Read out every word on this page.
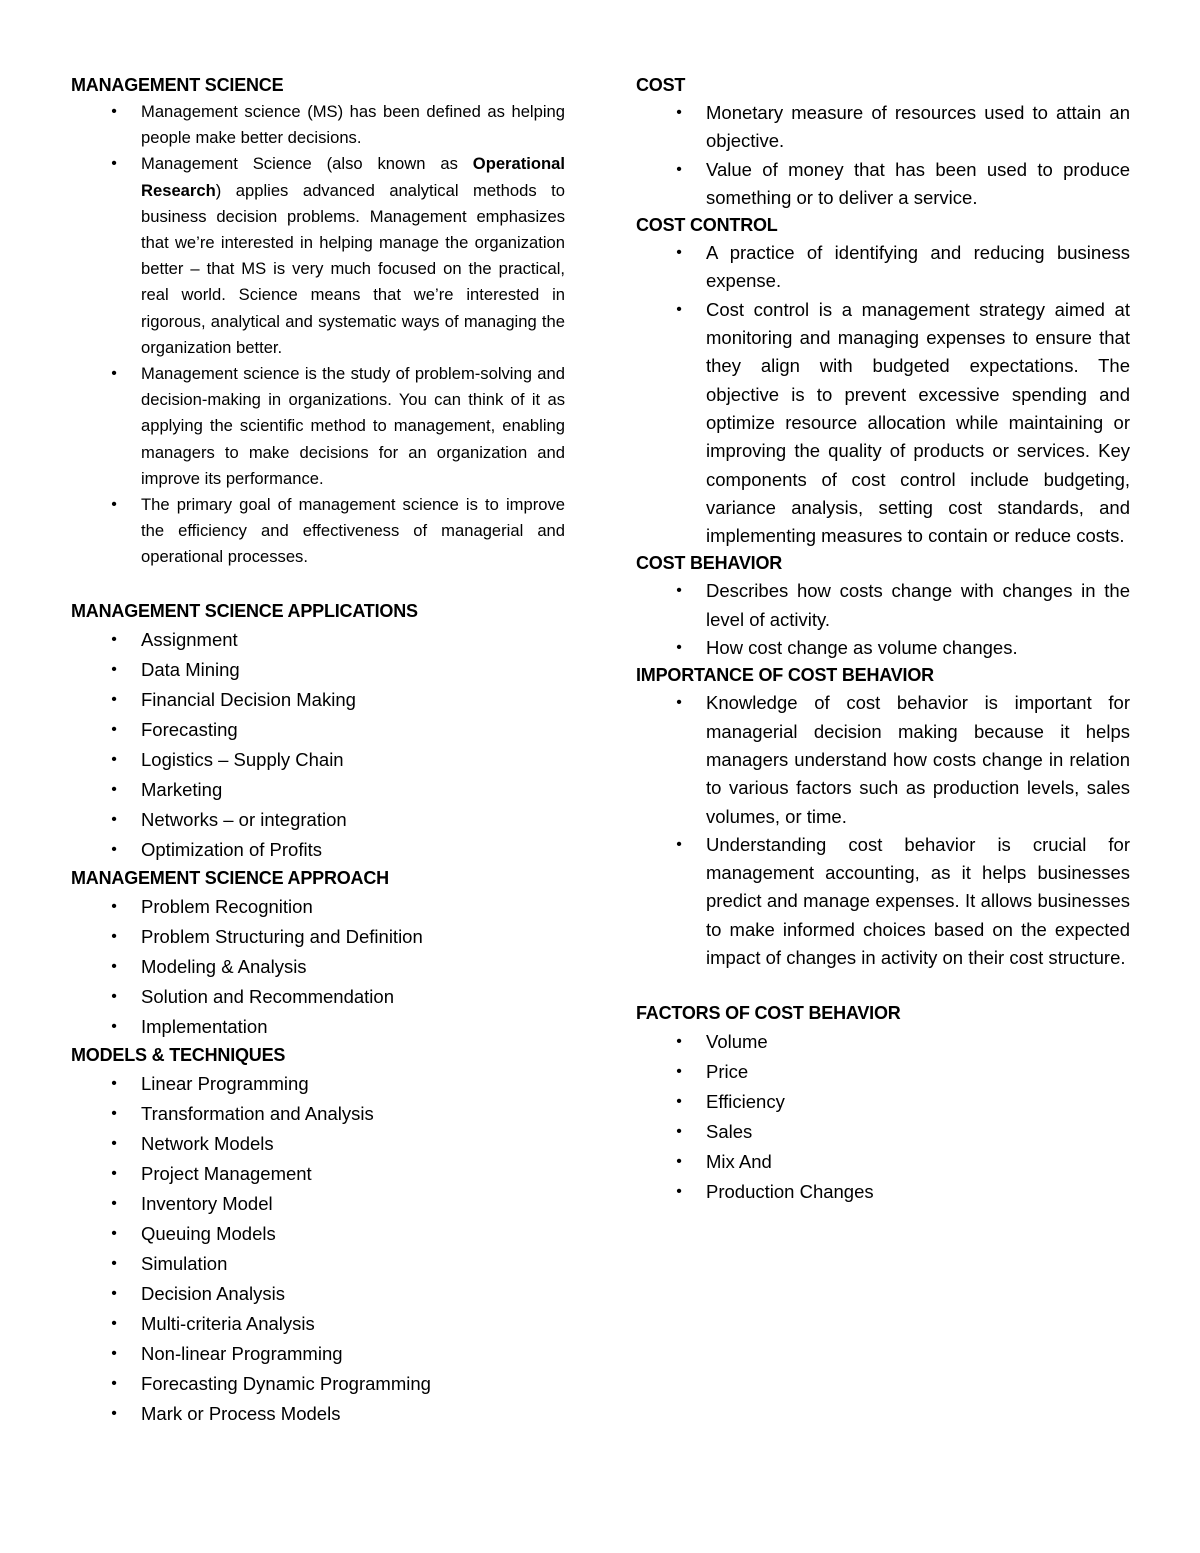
MANAGEMENT SCIENCE
•	Management science (MS) has been defined as helping people make better decisions.
•	Management Science (also known as Operational Research) applies advanced analytical methods to business decision problems. Management emphasizes that we’re interested in helping manage the organization better – that MS is very much focused on the practical, real world. Science means that we’re interested in rigorous, analytical and systematic ways of managing the organization better.
•	Management science is the study of problem-solving and decision-making in organizations. You can think of it as applying the scientific method to management, enabling managers to make decisions for an organization and improve its performance.
•	The primary goal of management science is to improve the efficiency and effectiveness of managerial and operational processes.
MANAGEMENT SCIENCE APPLICATIONS
•	Assignment
•	Data Mining
•	Financial Decision Making
•	Forecasting
•	Logistics – Supply Chain
•	Marketing
•	Networks – or integration
•	Optimization of Profits
MANAGEMENT SCIENCE APPROACH
•	Problem Recognition
•	Problem Structuring and Definition
•	Modeling & Analysis
•	Solution and Recommendation
•	Implementation
MODELS & TECHNIQUES
•	Linear Programming
•	Transformation and Analysis
•	Network Models
•	Project Management
•	Inventory Model
•	Queuing Models
•	Simulation
•	Decision Analysis
•	Multi-criteria Analysis
•	Non-linear Programming
•	Forecasting Dynamic Programming
•	Mark or Process Models
COST
•	Monetary measure of resources used to attain an objective.
•	Value of money that has been used to produce something or to deliver a service.
COST CONTROL
•	A practice of identifying and reducing business expense.
•	Cost control is a management strategy aimed at monitoring and managing expenses to ensure that they align with budgeted expectations. The objective is to prevent excessive spending and optimize resource allocation while maintaining or improving the quality of products or services. Key components of cost control include budgeting, variance analysis, setting cost standards, and implementing measures to contain or reduce costs.
COST BEHAVIOR
•	Describes how costs change with changes in the level of activity.
•	How cost change as volume changes.
IMPORTANCE OF COST BEHAVIOR
•	Knowledge of cost behavior is important for managerial decision making because it helps managers understand how costs change in relation to various factors such as production levels, sales volumes, or time.
•	Understanding cost behavior is crucial for management accounting, as it helps businesses predict and manage expenses. It allows businesses to make informed choices based on the expected impact of changes in activity on their cost structure.
FACTORS OF COST BEHAVIOR
•	Volume
•	Price
•	Efficiency
•	Sales
•	Mix And
•	Production Changes
